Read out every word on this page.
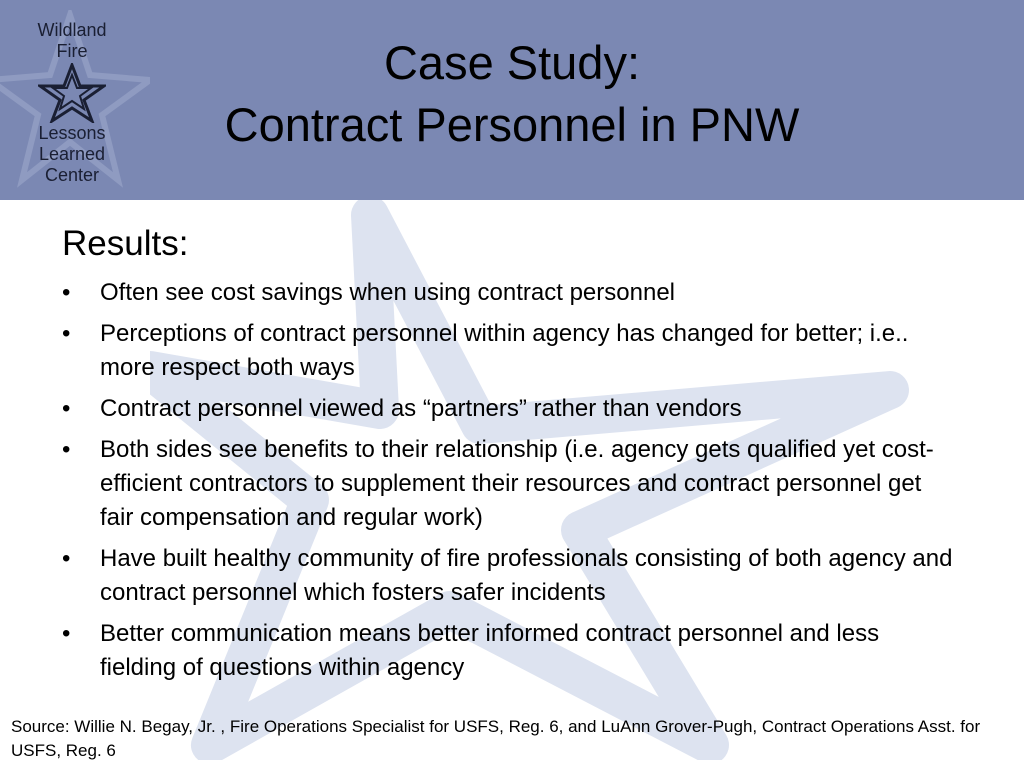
Wildland
Fire
Lessons
Learned
Center
Case Study:
Contract Personnel in PNW
Results:
• Often see cost savings when using contract personnel
• Perceptions of contract personnel within agency has changed for better; i.e.. more respect both ways
• Contract personnel viewed as “partners” rather than vendors
• Both sides see benefits to their relationship (i.e. agency gets qualified yet cost-efficient contractors to supplement their resources and contract personnel get fair compensation and regular work)
• Have built healthy community of fire professionals consisting of both agency and contract personnel which fosters safer incidents
• Better communication means better informed contract personnel and less fielding of questions within agency
Source: Willie N. Begay, Jr. , Fire Operations Specialist for USFS, Reg. 6, and LuAnn Grover-Pugh, Contract Operations Asst. for USFS, Reg. 6
